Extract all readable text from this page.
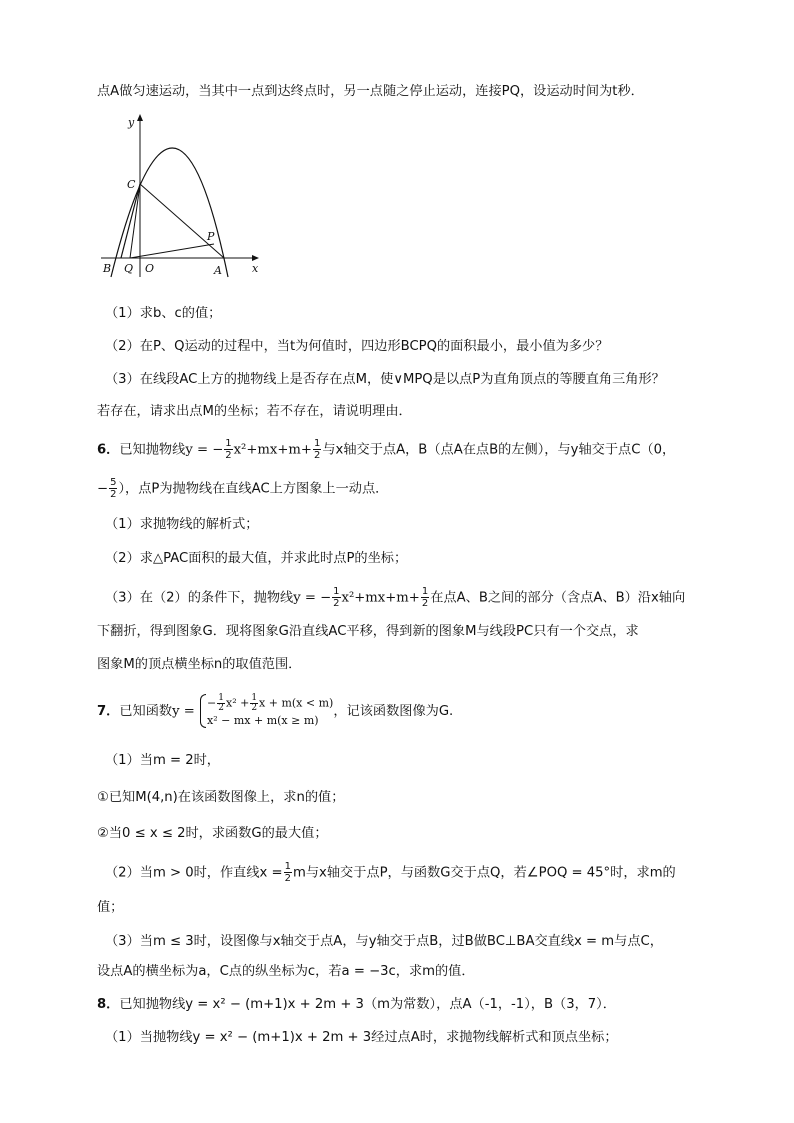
点A做匀速运动，当其中一点到达终点时，另一点随之停止运动，连接PQ，设运动时间为t秒．
y
x
C
P
B Q O	A
（1）求b、c的值；
（2）在P、Q运动的过程中，当t为何值时，四边形BCPQ的面积最小，最小值为多少？
（3）在线段AC上方的抛物线上是否存在点M，使∨MPQ是以点P为直角顶点的等腰直角三角形？
若存在，请求出点M的坐标；若不存在，请说明理由．
6．已知抛物线y = − $\frac{1}{2} x^2+mx+m+ \frac{1}{2}$ 与x轴交于点A，B（点A在点B的左侧），与y轴交于点C（0，
− $\frac{5}{2}$ ），点P为抛物线在直线AC上方图象上一动点．
（1）求抛物线的解析式；
（2）求△PAC面积的最大值，并求此时点P的坐标；
（3）在（2）的条件下，抛物线y = − $\frac{1}{2} x^2+mx+m+ \frac{1}{2}$ 在点A、B之间的部分（含点A、B）沿x轴向
下翻折，得到图象G．现将图象G沿直线AC平移，得到新的图象M与线段PC只有一个交点，求
图象M的顶点横坐标n的取值范围．
7．已知函数y =
− $\frac{1}{2} x^2 + \frac{1}{2}$ x + m(x < m)
x² − mx + m(x ≥ m)
，记该函数图像为G.
（1）当m = 2时，
①已知M(4,n)在该函数图像上，求n的值；
②当0 ≤ x ≤ 2时，求函数G的最大值；
（2）当m > 0时，作直线$x = \frac{1}{2}$ m与x轴交于点P，与函数G交于点Q，若∠POQ = 45°时，求m的
值；
（3）当m ≤ 3时，设图像与x轴交于点A，与y轴交于点B，过B做BC⊥BA交直线x = m与点C，
设点A的横坐标为a，C点的纵坐标为c，若a = −3c，求m的值．
8．已知抛物线y = x² − (m+1)x + 2m + 3（m为常数），点A（-1，-1），B（3，7）．
（1）当抛物线y = x² − (m+1)x + 2m + 3经过点A时，求抛物线解析式和顶点坐标；
